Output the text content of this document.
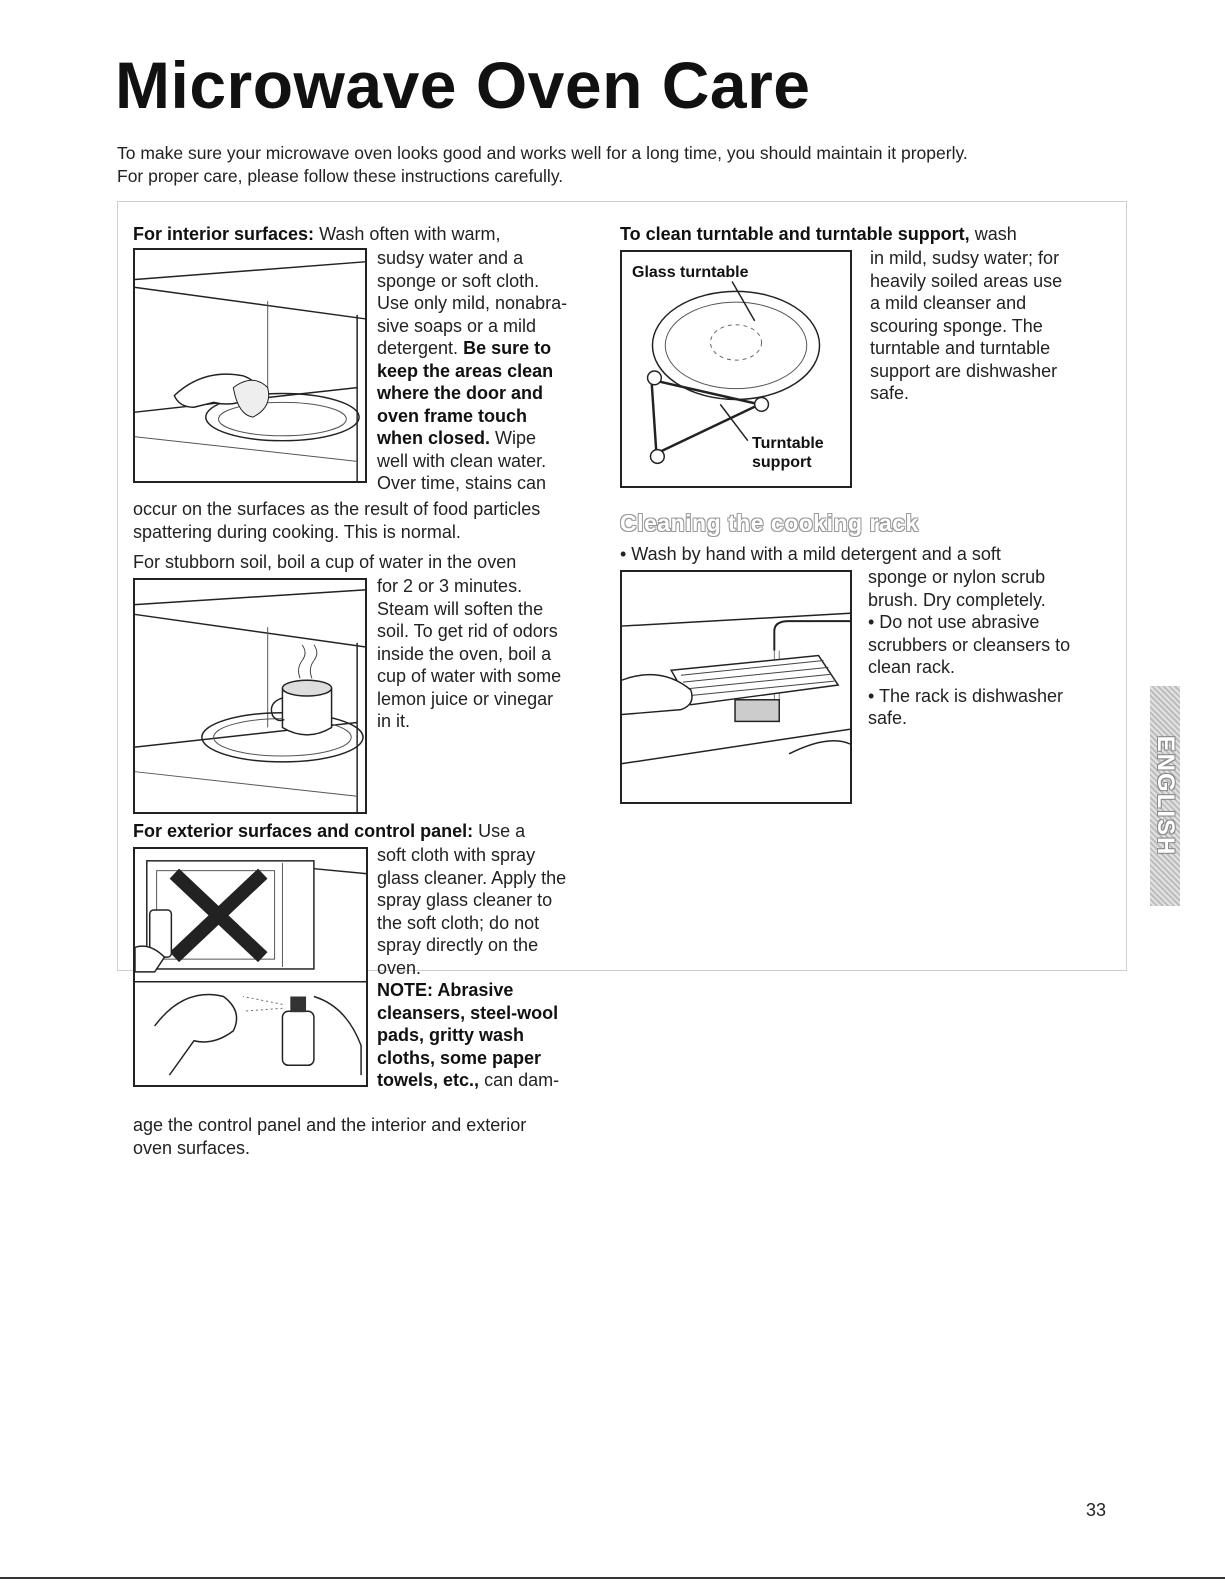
Microwave Oven Care
To make sure your microwave oven looks good and works well for a long time, you should maintain it properly.
For proper care, please follow these instructions carefully.
For interior surfaces: Wash often with warm,
sudsy water and a
sponge or soft cloth.
Use only mild, nonabra-
sive soaps or a mild
detergent. Be sure to
keep the areas clean
where the door and
oven frame touch
when closed. Wipe
well with clean water.
Over time, stains can
occur on the surfaces as the result of food particles
spattering during cooking. This is normal.
For stubborn soil, boil a cup of water in the oven
for 2 or 3 minutes.
Steam will soften the
soil. To get rid of odors
inside the oven, boil a
cup of water with some
lemon juice or vinegar
in it.
For exterior surfaces and control panel: Use a
soft cloth with spray
glass cleaner. Apply the
spray glass cleaner to
the soft cloth; do not
spray directly on the
oven.
NOTE: Abrasive
cleansers, steel-wool
pads, gritty wash
cloths, some paper
towels, etc., can dam-
age the control panel and the interior and exterior
oven surfaces.
To clean turntable and turntable support, wash
Glass turntable
Turntable
support
in mild, sudsy water; for
heavily soiled areas use
a mild cleanser and
scouring sponge. The
turntable and turntable
support are dishwasher
safe.
Cleaning the cooking rack
• Wash by hand with a mild detergent and a soft
sponge or nylon scrub
brush. Dry completely.
• Do not use abrasive
scrubbers or cleansers to
clean rack.
• The rack is dishwasher
safe.
ENGLISH
33
